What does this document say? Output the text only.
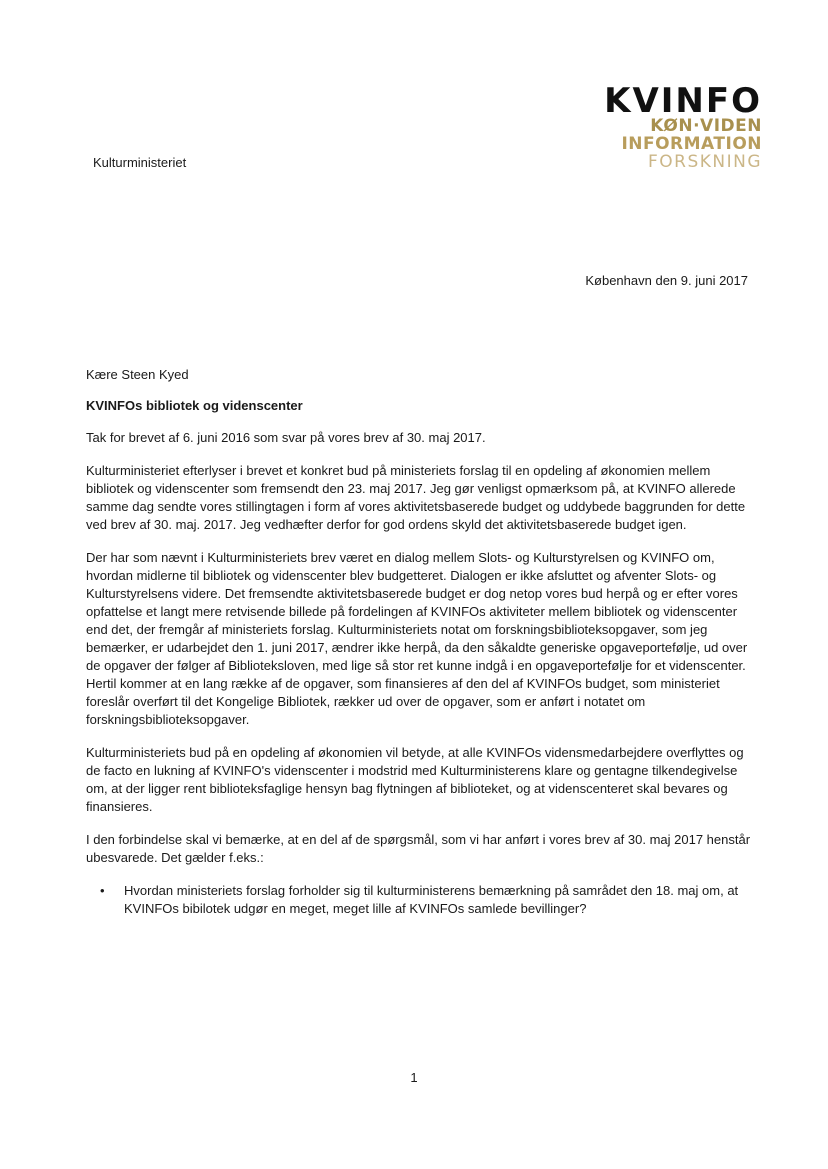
KVINFO
KØN·VIDEN
INFORMATION
FORSKNING
Kulturministeriet
København den 9. juni 2017
Kære Steen Kyed
KVINFOs bibliotek og videnscenter

Tak for brevet af 6. juni 2016 som svar på vores brev af 30. maj 2017.

Kulturministeriet efterlyser i brevet et konkret bud på ministeriets forslag til en opdeling af økonomien mellem bibliotek og videnscenter som fremsendt den 23. maj 2017. Jeg gør venligst opmærksom på, at KVINFO allerede samme dag sendte vores stillingtagen i form af vores aktivitetsbaserede budget og uddybede baggrunden for dette ved brev af 30. maj. 2017. Jeg vedhæfter derfor for god ordens skyld det aktivitetsbaserede budget igen.

Der har som nævnt i Kulturministeriets brev været en dialog mellem Slots- og Kulturstyrelsen og KVINFO om, hvordan midlerne til bibliotek og videnscenter blev budgetteret. Dialogen er ikke afsluttet og afventer Slots- og Kulturstyrelsens videre. Det fremsendte aktivitetsbaserede budget er dog netop vores bud herpå og er efter vores opfattelse et langt mere retvisende billede på fordelingen af KVINFOs aktiviteter mellem bibliotek og videnscenter end det, der fremgår af ministeriets forslag. Kulturministeriets notat om forskningsbiblioteksopgaver, som jeg bemærker, er udarbejdet den 1. juni 2017, ændrer ikke herpå, da den såkaldte generiske opgaveportefølje, ud over de opgaver der følger af Biblioteksloven, med lige så stor ret kunne indgå i en opgaveportefølje for et videnscenter. Hertil kommer at en lang række af de opgaver, som finansieres af den del af KVINFOs budget, som ministeriet foreslår overført til det Kongelige Bibliotek, rækker ud over de opgaver, som er anført i notatet om forskningsbiblioteksopgaver.

Kulturministeriets bud på en opdeling af økonomien vil betyde, at alle KVINFOs vidensmedarbejdere overflyttes og de facto en lukning af KVINFO's videnscenter i modstrid med Kulturministerens klare og gentagne tilkendegivelse om, at der ligger rent biblioteksfaglige hensyn bag flytningen af biblioteket, og at videnscenteret skal bevares og finansieres.

I den forbindelse skal vi bemærke, at en del af de spørgsmål, som vi har anført i vores brev af 30. maj 2017 henstår ubesvarede. Det gælder f.eks.:

• Hvordan ministeriets forslag forholder sig til kulturministerens bemærkning på samrådet den 18. maj om, at KVINFOs bibilotek udgør en meget, meget lille af KVINFOs samlede bevillinger?
1
